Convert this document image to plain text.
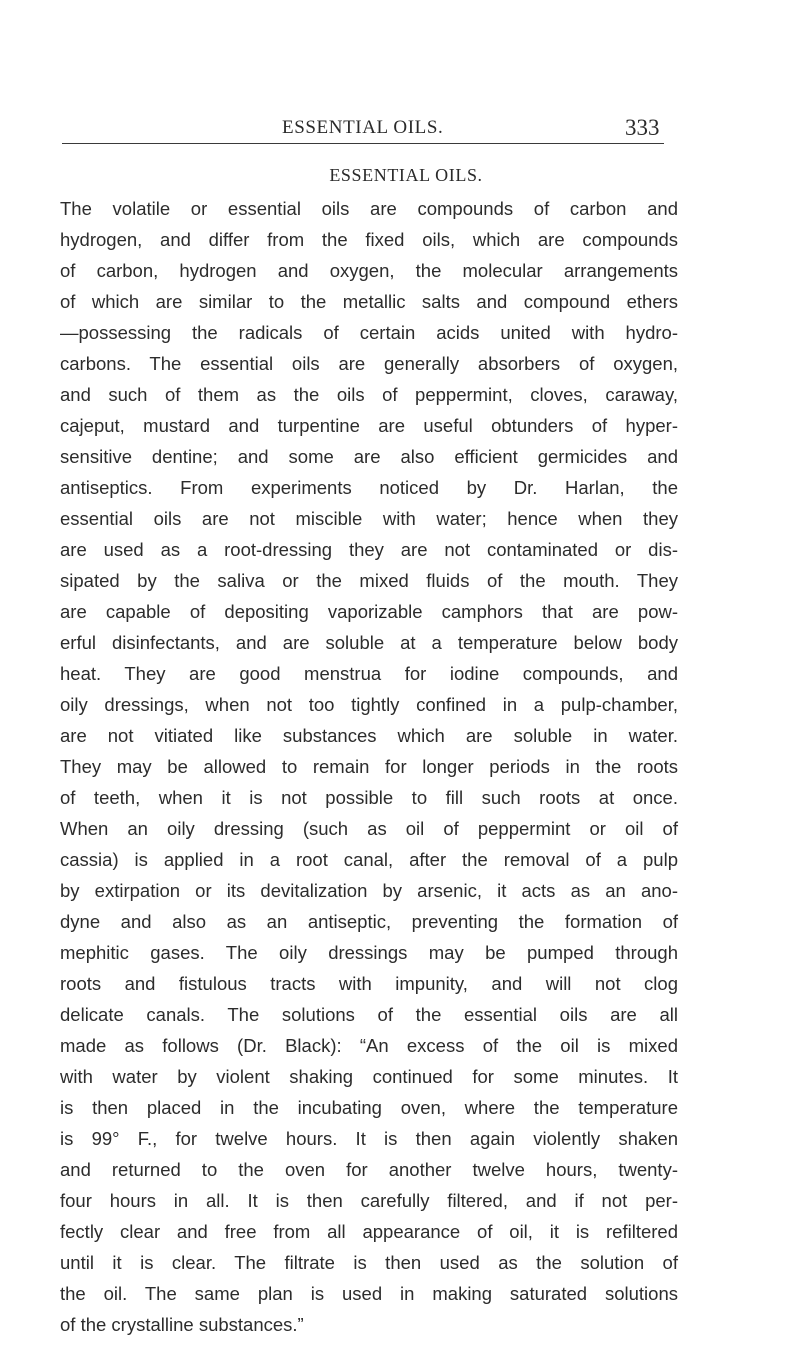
ESSENTIAL OILS.	333
ESSENTIAL OILS.
The volatile or essential oils are compounds of carbon and
hydrogen, and differ from the fixed oils, which are compounds
of carbon, hydrogen and oxygen, the molecular arrangements
of which are similar to the metallic salts and compound ethers
—possessing the radicals of certain acids united with hydro-
carbons. The essential oils are generally absorbers of oxygen,
and such of them as the oils of peppermint, cloves, caraway,
cajeput, mustard and turpentine are useful obtunders of hyper-
sensitive dentine; and some are also efficient germicides and
antiseptics. From experiments noticed by Dr. Harlan, the
essential oils are not miscible with water; hence when they
are used as a root-dressing they are not contaminated or dis-
sipated by the saliva or the mixed fluids of the mouth. They
are capable of depositing vaporizable camphors that are pow-
erful disinfectants, and are soluble at a temperature below body
heat. They are good menstrua for iodine compounds, and
oily dressings, when not too tightly confined in a pulp-chamber,
are not vitiated like substances which are soluble in water.
They may be allowed to remain for longer periods in the roots
of teeth, when it is not possible to fill such roots at once.
When an oily dressing (such as oil of peppermint or oil of
cassia) is applied in a root canal, after the removal of a pulp
by extirpation or its devitalization by arsenic, it acts as an ano-
dyne and also as an antiseptic, preventing the formation of
mephitic gases. The oily dressings may be pumped through
roots and fistulous tracts with impunity, and will not clog
delicate canals. The solutions of the essential oils are all
made as follows (Dr. Black): “An excess of the oil is mixed
with water by violent shaking continued for some minutes. It
is then placed in the incubating oven, where the temperature
is 99° F., for twelve hours. It is then again violently shaken
and returned to the oven for another twelve hours, twenty-
four hours in all. It is then carefully filtered, and if not per-
fectly clear and free from all appearance of oil, it is refiltered
until it is clear. The filtrate is then used as the solution of
the oil. The same plan is used in making saturated solutions
of the crystalline substances.”
